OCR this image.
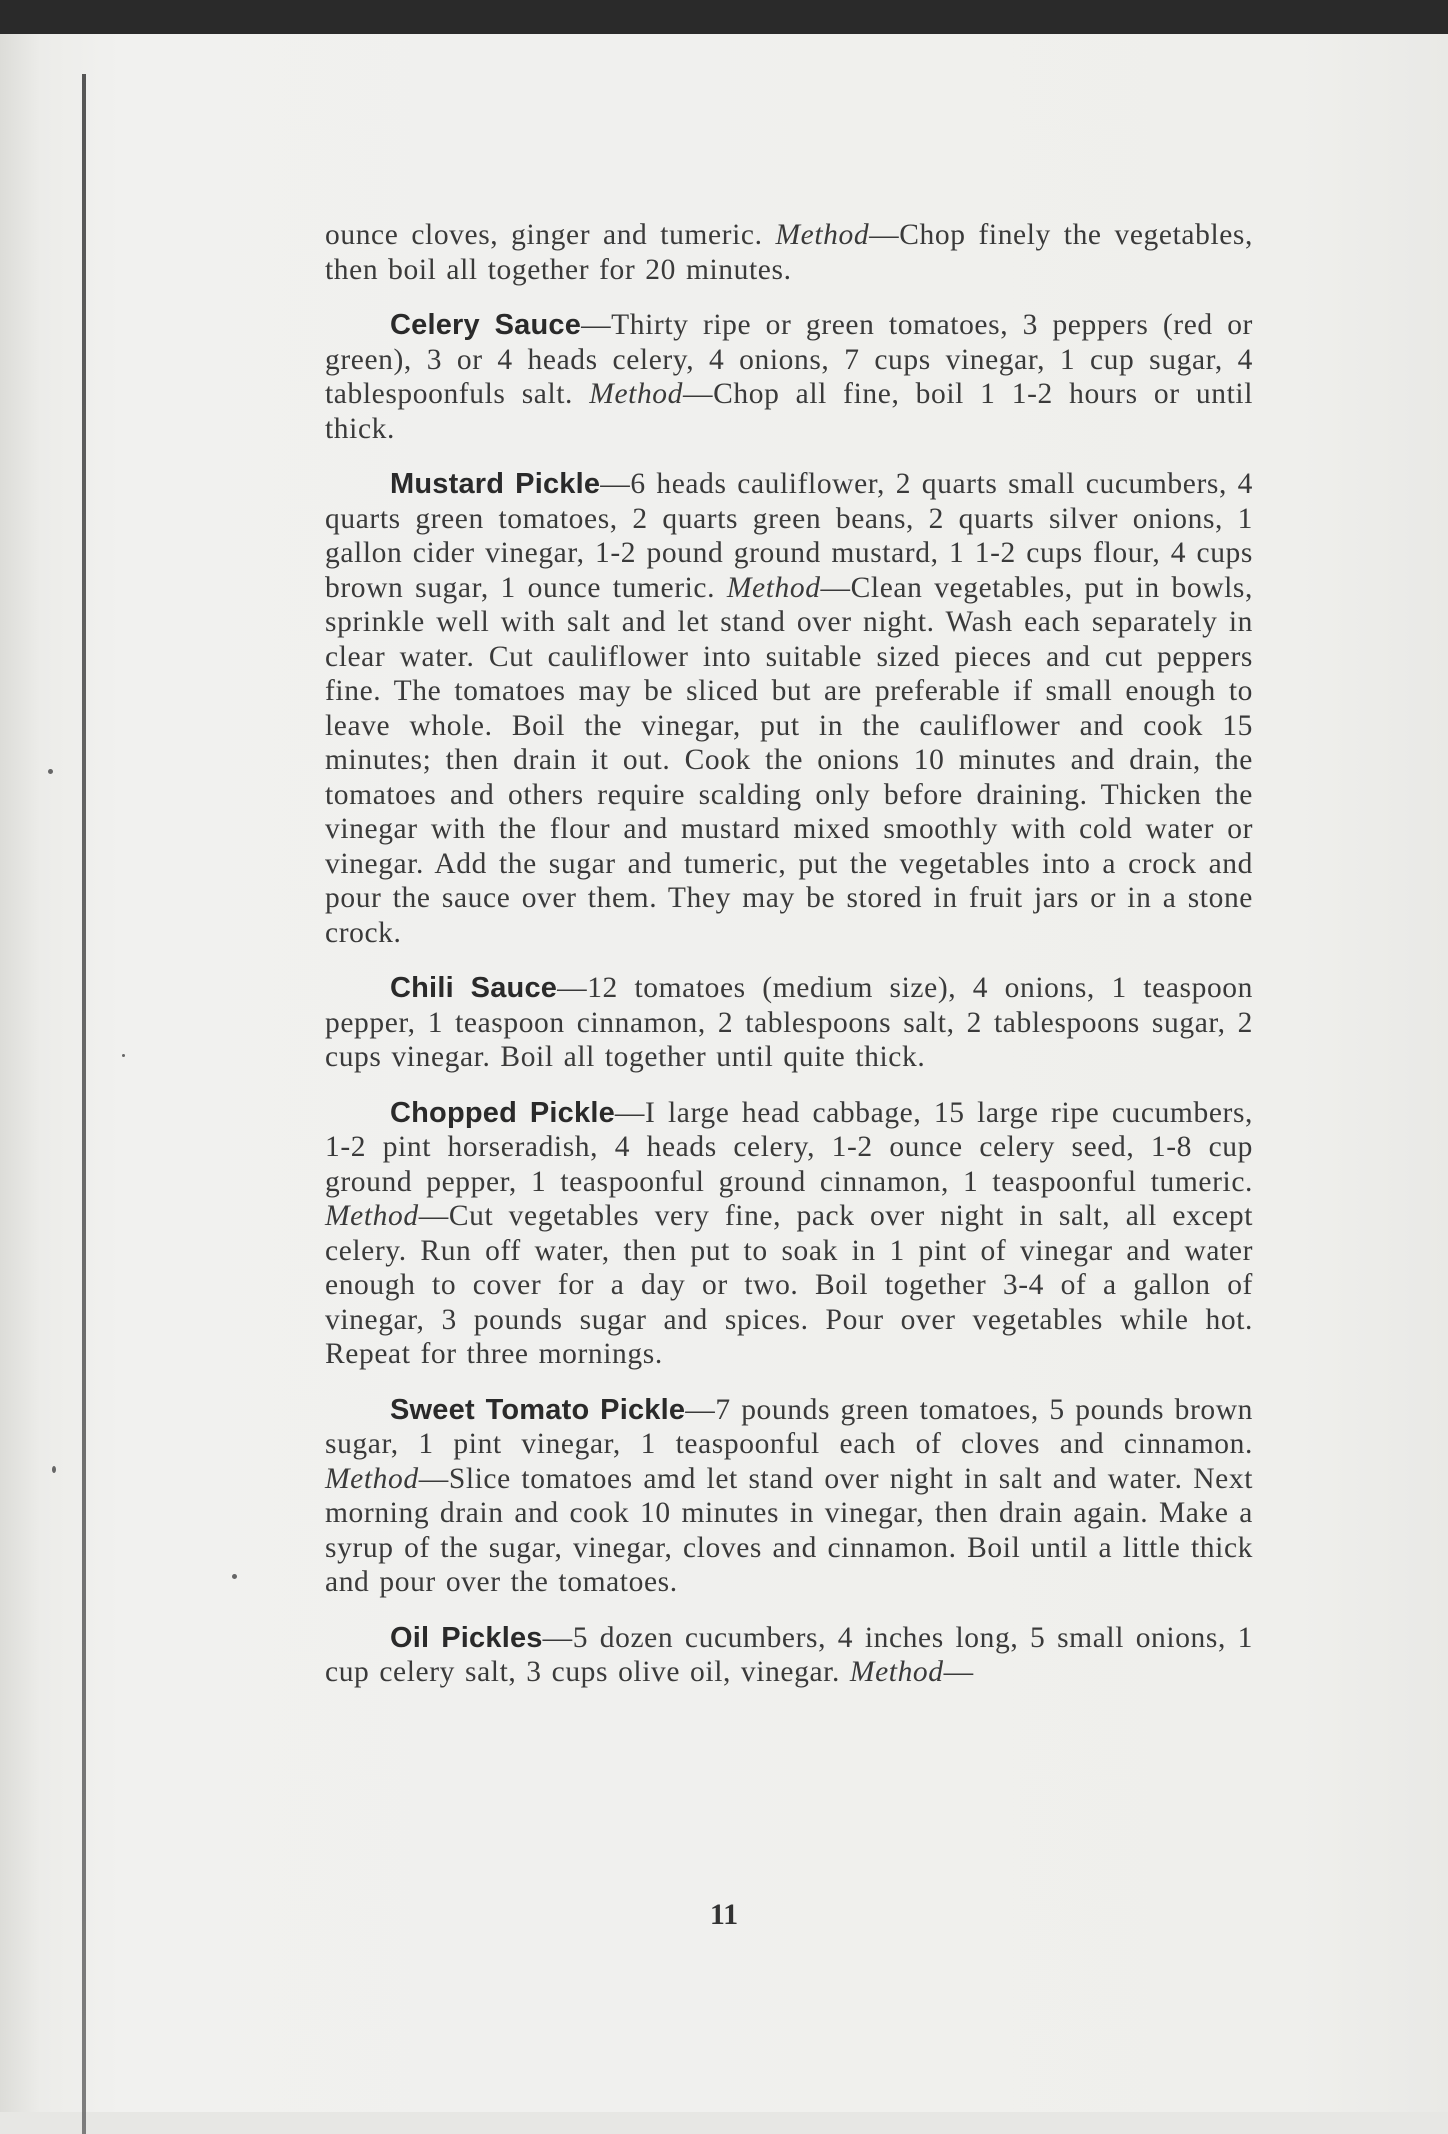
ounce cloves, ginger and tumeric. Method—Chop finely the vegetables, then boil all together for 20 minutes.

Celery Sauce—Thirty ripe or green tomatoes, 3 peppers (red or green), 3 or 4 heads celery, 4 onions, 7 cups vinegar, 1 cup sugar, 4 tablespoonfuls salt. Method—Chop all fine, boil 1 1-2 hours or until thick.

Mustard Pickle—6 heads cauliflower, 2 quarts small cucumbers, 4 quarts green tomatoes, 2 quarts green beans, 2 quarts silver onions, 1 gallon cider vinegar, 1-2 pound ground mustard, 1 1-2 cups flour, 4 cups brown sugar, 1 ounce tumeric. Method—Clean vegetables, put in bowls, sprinkle well with salt and let stand over night. Wash each separately in clear water. Cut cauliflower into suitable sized pieces and cut peppers fine. The tomatoes may be sliced but are preferable if small enough to leave whole. Boil the vinegar, put in the cauliflower and cook 15 minutes; then drain it out. Cook the onions 10 minutes and drain, the tomatoes and others require scalding only before draining. Thicken the vinegar with the flour and mustard mixed smoothly with cold water or vinegar. Add the sugar and tumeric, put the vegetables into a crock and pour the sauce over them. They may be stored in fruit jars or in a stone crock.

Chili Sauce—12 tomatoes (medium size), 4 onions, 1 teaspoon pepper, 1 teaspoon cinnamon, 2 tablespoons salt, 2 tablespoons sugar, 2 cups vinegar. Boil all together until quite thick.

Chopped Pickle—I large head cabbage, 15 large ripe cucumbers, 1-2 pint horseradish, 4 heads celery, 1-2 ounce celery seed, 1-8 cup ground pepper, 1 teaspoonful ground cinnamon, 1 teaspoonful tumeric. Method—Cut vegetables very fine, pack over night in salt, all except celery. Run off water, then put to soak in 1 pint of vinegar and water enough to cover for a day or two. Boil together 3-4 of a gallon of vinegar, 3 pounds sugar and spices. Pour over vegetables while hot. Repeat for three mornings.

Sweet Tomato Pickle—7 pounds green tomatoes, 5 pounds brown sugar, 1 pint vinegar, 1 teaspoonful each of cloves and cinnamon. Method—Slice tomatoes amd let stand over night in salt and water. Next morning drain and cook 10 minutes in vinegar, then drain again. Make a syrup of the sugar, vinegar, cloves and cinnamon. Boil until a little thick and pour over the tomatoes.

Oil Pickles—5 dozen cucumbers, 4 inches long, 5 small onions, 1 cup celery salt, 3 cups olive oil, vinegar. Method—

11
